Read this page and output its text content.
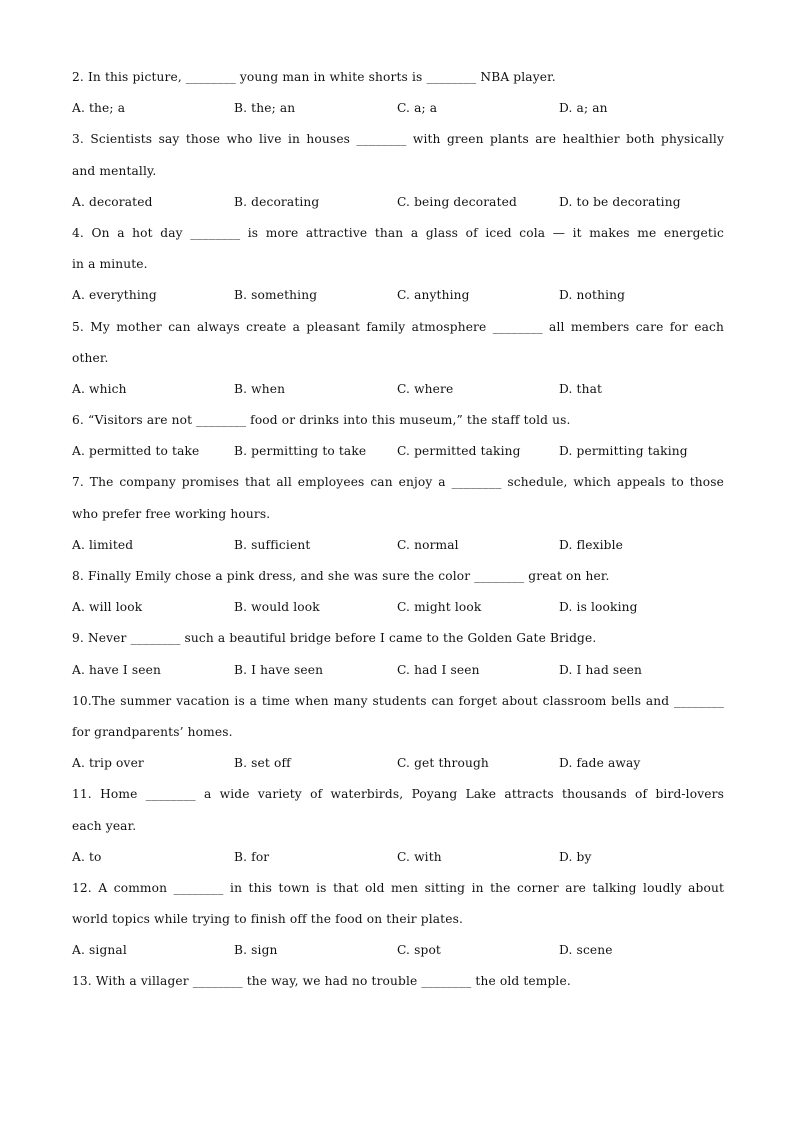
2. In this picture, ________ young man in white shorts is ________ NBA player.
A. the; a	B. the; an	C. a; a	D. a; an
3. Scientists say those who live in houses ________ with green plants are healthier both physically
and mentally.
A. decorated	B. decorating	C. being decorated	D. to be decorating
4. On a hot day ________ is more attractive than a glass of iced cola — it makes me energetic
in a minute.
A. everything	B. something	C. anything	D. nothing
5. My mother can always create a pleasant family atmosphere ________ all members care for each
other.
A. which	B. when	C. where	D. that
6. “Visitors are not ________ food or drinks into this museum,” the staff told us.
A. permitted to take	B. permitting to take	C. permitted taking	D. permitting taking
7. The company promises that all employees can enjoy a ________ schedule, which appeals to those
who prefer free working hours.
A. limited	B. sufficient	C. normal	D. flexible
8. Finally Emily chose a pink dress, and she was sure the color ________ great on her.
A. will look	B. would look	C. might look	D. is looking
9. Never ________ such a beautiful bridge before I came to the Golden Gate Bridge.
A. have I seen	B. I have seen	C. had I seen	D. I had seen
10.The summer vacation is a time when many students can forget about classroom bells and ________
for grandparents’ homes.
A. trip over	B. set off	C. get through	D. fade away
11. Home ________ a wide variety of waterbirds, Poyang Lake attracts thousands of bird-lovers
each year.
A. to	B. for	C. with	D. by
12. A common ________ in this town is that old men sitting in the corner are talking loudly about
world topics while trying to finish off the food on their plates.
A. signal	B. sign	C. spot	D. scene
13. With a villager ________ the way, we had no trouble ________ the old temple.
